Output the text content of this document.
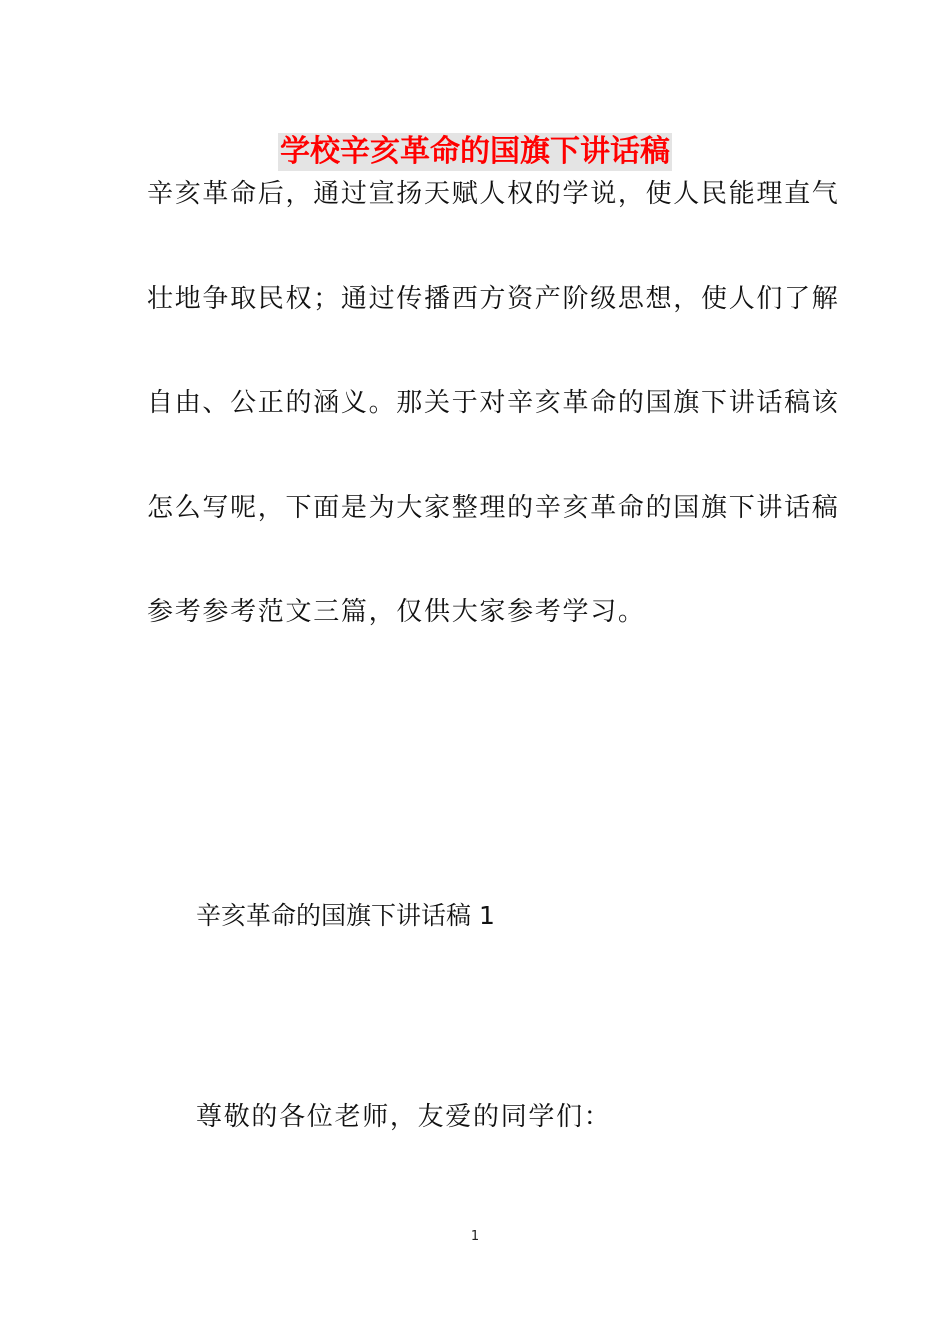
学校辛亥革命的国旗下讲话稿
辛亥革命后，通过宣扬天赋人权的学说，使人民能理直气
壮地争取民权；通过传播西方资产阶级思想，使人们了解
自由、公正的涵义。那关于对辛亥革命的国旗下讲话稿该
怎么写呢，下面是为大家整理的辛亥革命的国旗下讲话稿
参考参考范文三篇，仅供大家参考学习。
辛亥革命的国旗下讲话稿 1
尊敬的各位老师，友爱的同学们：
1
